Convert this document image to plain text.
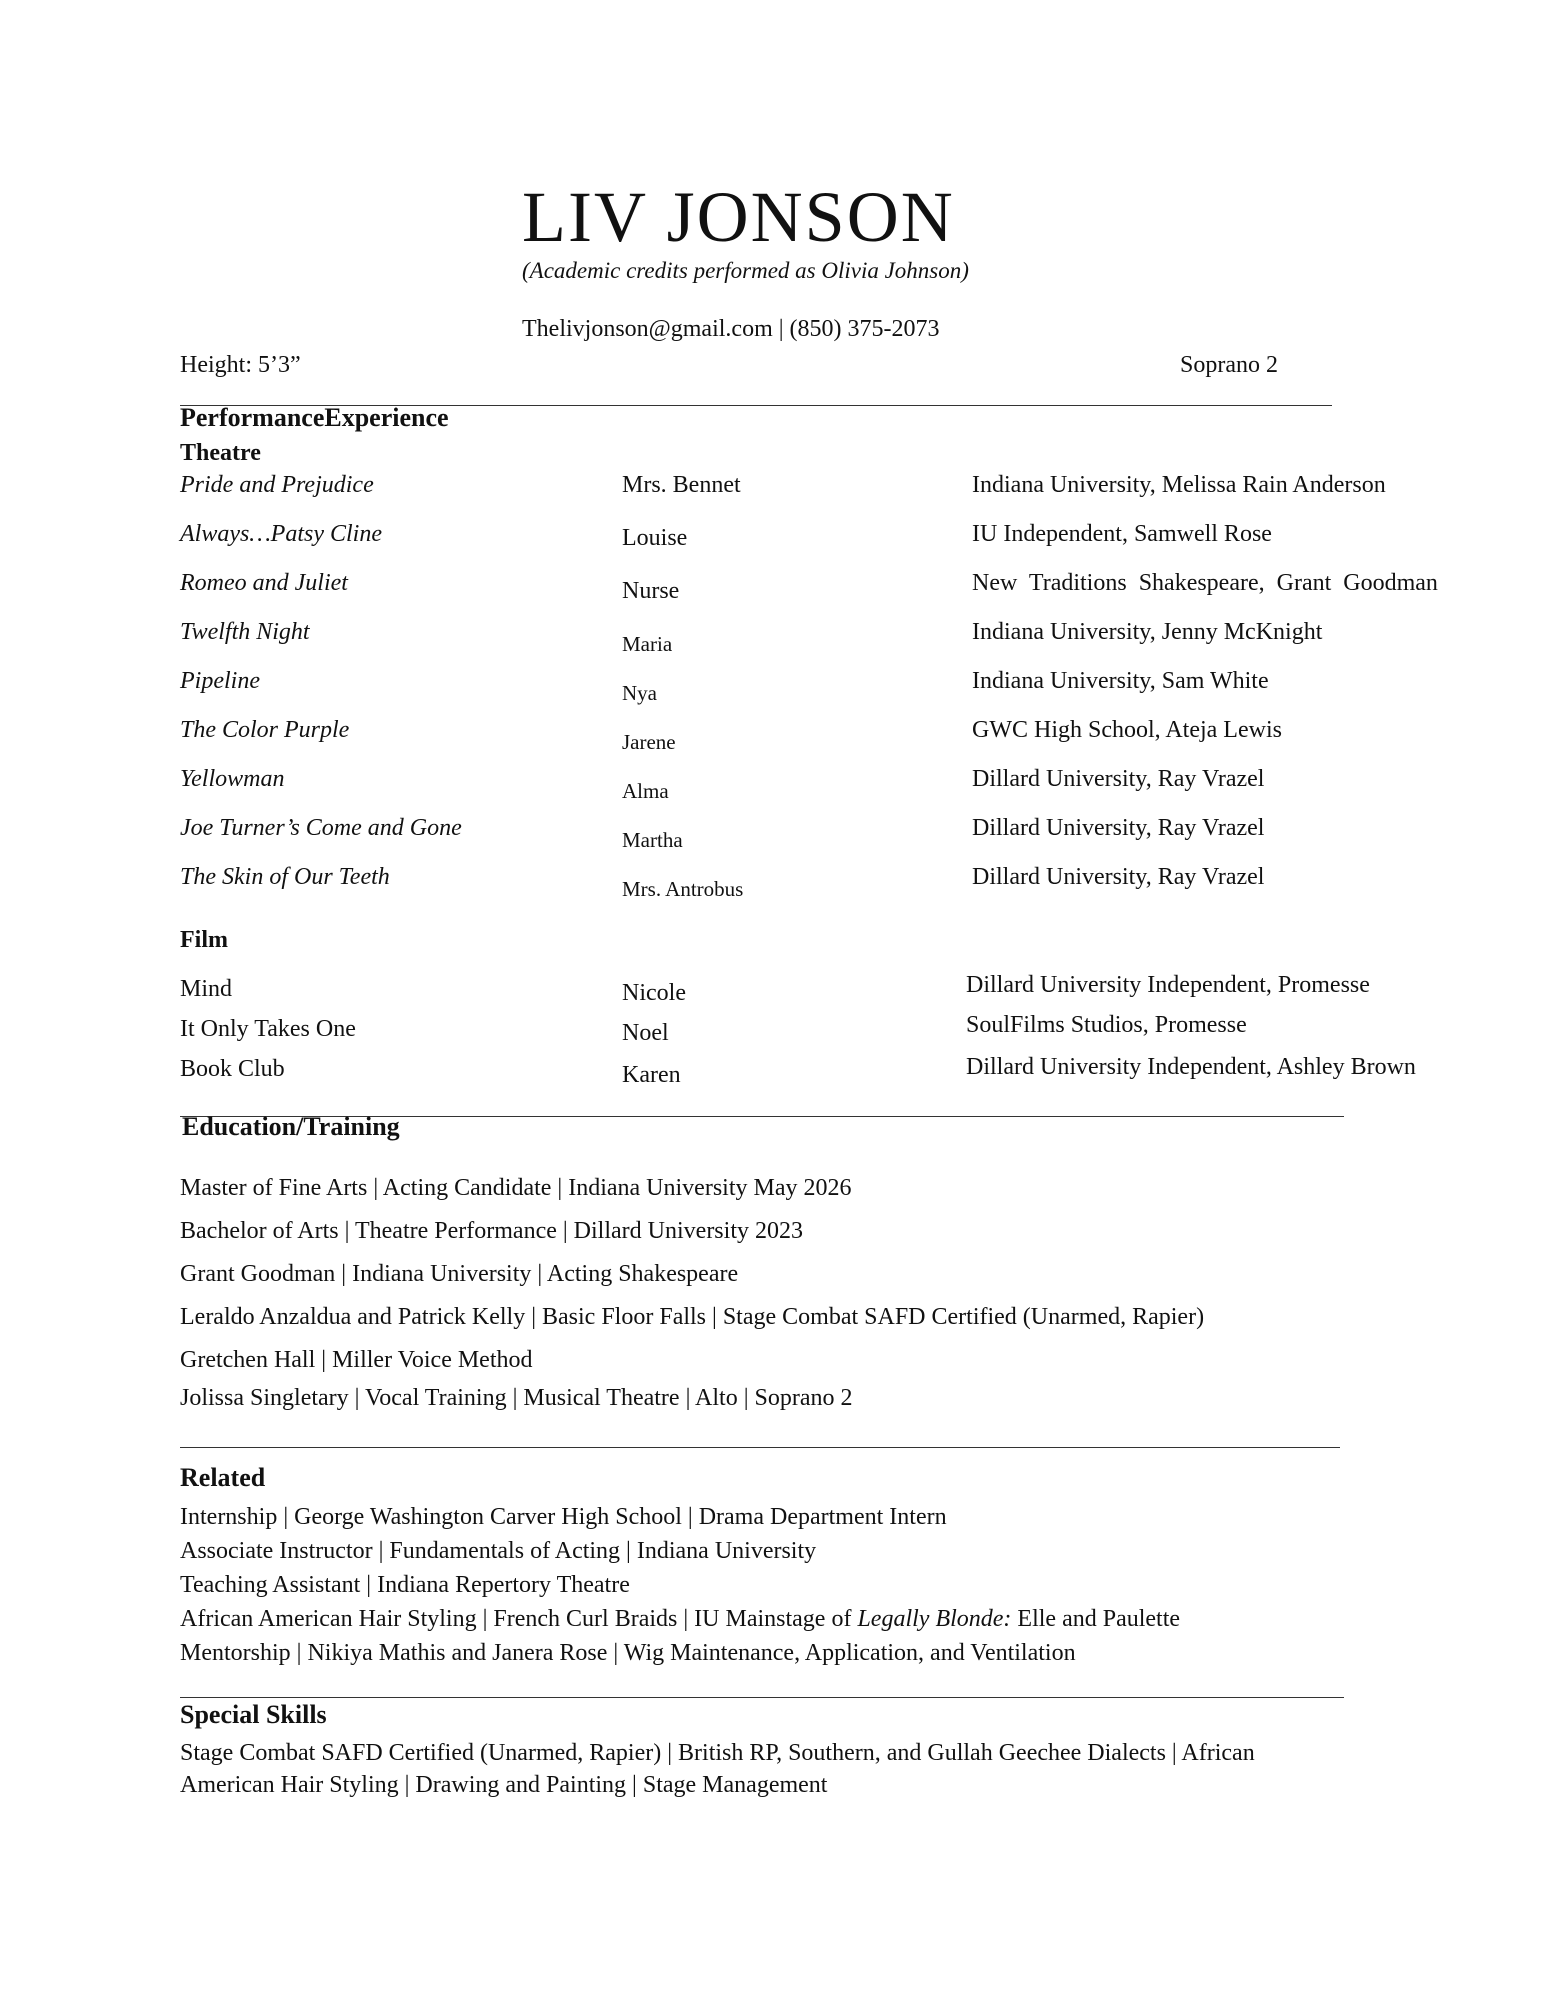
LIV JONSON
(Academic credits performed as Olivia Johnson)
Thelivjonson@gmail.com | (850) 375-2073
Height: 5’3”	Soprano 2
PerformanceExperience
Theatre
Pride and Prejudice	Mrs. Bennet	Indiana University, Melissa Rain Anderson
Always…Patsy Cline	Louise	IU Independent, Samwell Rose
Romeo and Juliet	Nurse	New  Traditions  Shakespeare,  Grant  Goodman
Twelfth Night	Maria	Indiana University, Jenny McKnight
Pipeline	Nya	Indiana University, Sam White
The Color Purple	Jarene	GWC High School, Ateja Lewis
Yellowman	Alma	Dillard University, Ray Vrazel
Joe Turner’s Come and Gone	Martha	Dillard University, Ray Vrazel
The Skin of Our Teeth	Mrs. Antrobus	Dillard University, Ray Vrazel
Film
Mind	Nicole	Dillard University Independent, Promesse
It Only Takes One	Noel	SoulFilms Studios, Promesse
Book Club	Karen	Dillard University Independent, Ashley Brown
Education/Training
Master of Fine Arts | Acting Candidate | Indiana University May 2026
Bachelor of Arts | Theatre Performance | Dillard University 2023
Grant Goodman | Indiana University | Acting Shakespeare
Leraldo Anzaldua and Patrick Kelly | Basic Floor Falls | Stage Combat SAFD Certified (Unarmed, Rapier)
Gretchen Hall | Miller Voice Method
Jolissa Singletary | Vocal Training | Musical Theatre | Alto | Soprano 2
Related
Internship | George Washington Carver High School | Drama Department Intern
Associate Instructor | Fundamentals of Acting | Indiana University
Teaching Assistant | Indiana Repertory Theatre
African American Hair Styling | French Curl Braids | IU Mainstage of Legally Blonde: Elle and Paulette
Mentorship | Nikiya Mathis and Janera Rose | Wig Maintenance, Application, and Ventilation
Special Skills
Stage Combat SAFD Certified (Unarmed, Rapier) | British RP, Southern, and Gullah Geechee Dialects | African
American Hair Styling | Drawing and Painting | Stage Management
